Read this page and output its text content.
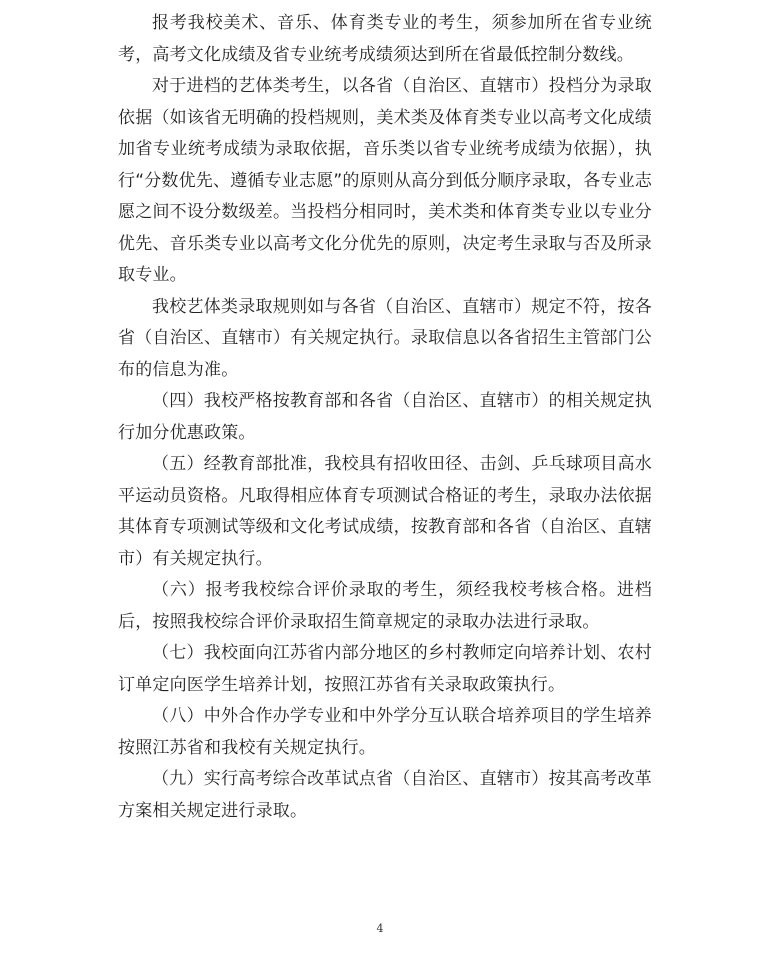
报考我校美术、音乐、体育类专业的考生，须参加所在省专业统考，高考文化成绩及省专业统考成绩须达到所在省最低控制分数线。

对于进档的艺体类考生，以各省（自治区、直辖市）投档分为录取依据（如该省无明确的投档规则，美术类及体育类专业以高考文化成绩加省专业统考成绩为录取依据，音乐类以省专业统考成绩为依据），执行“分数优先、遵循专业志愿”的原则从高分到低分顺序录取，各专业志愿之间不设分数级差。当投档分相同时，美术类和体育类专业以专业分优先、音乐类专业以高考文化分优先的原则，决定考生录取与否及所录取专业。

我校艺体类录取规则如与各省（自治区、直辖市）规定不符，按各省（自治区、直辖市）有关规定执行。录取信息以各省招生主管部门公布的信息为准。

（四）我校严格按教育部和各省（自治区、直辖市）的相关规定执行加分优惠政策。

（五）经教育部批准，我校具有招收田径、击剑、乒乓球项目高水平运动员资格。凡取得相应体育专项测试合格证的考生，录取办法依据其体育专项测试等级和文化考试成绩，按教育部和各省（自治区、直辖市）有关规定执行。

（六）报考我校综合评价录取的考生，须经我校考核合格。进档后，按照我校综合评价录取招生简章规定的录取办法进行录取。

（七）我校面向江苏省内部分地区的乡村教师定向培养计划、农村订单定向医学生培养计划，按照江苏省有关录取政策执行。

（八）中外合作办学专业和中外学分互认联合培养项目的学生培养按照江苏省和我校有关规定执行。

（九）实行高考综合改革试点省（自治区、直辖市）按其高考改革方案相关规定进行录取。

4
